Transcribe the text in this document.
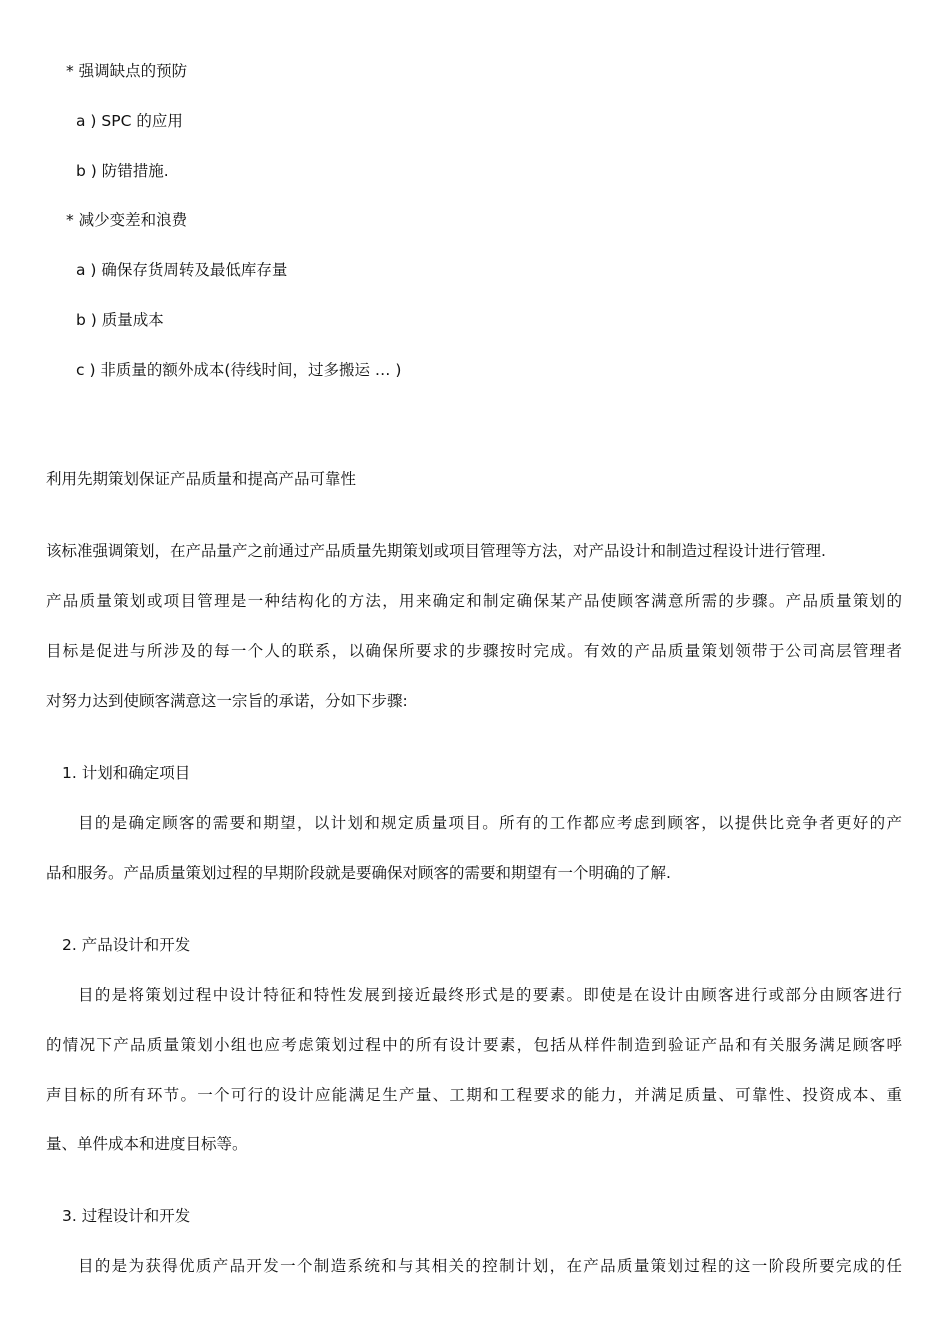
* 强调缺点的预防
a ) SPC 的应用
b ) 防错措施.
* 减少变差和浪费
a ) 确保存货周转及最低库存量
b ) 质量成本
c ) 非质量的额外成本(待线时间，过多搬运 … )
利用先期策划保证产品质量和提高产品可靠性
该标准强调策划，在产品量产之前通过产品质量先期策划或项目管理等方法，对产品设计和制造过程设计进行管理.
产品质量策划或项目管理是一种结构化的方法，用来确定和制定确保某产品使顾客满意所需的步骤。产品质量策划的
目标是促进与所涉及的每一个人的联系，以确保所要求的步骤按时完成。有效的产品质量策划领带于公司高层管理者
对努力达到使顾客满意这一宗旨的承诺，分如下步骤:
1. 计划和确定项目
目的是确定顾客的需要和期望，以计划和规定质量项目。所有的工作都应考虑到顾客，以提供比竞争者更好的产
品和服务。产品质量策划过程的早期阶段就是要确保对顾客的需要和期望有一个明确的了解.
2. 产品设计和开发
目的是将策划过程中设计特征和特性发展到接近最终形式是的要素。即使是在设计由顾客进行或部分由顾客进行
的情况下产品质量策划小组也应考虑策划过程中的所有设计要素，包括从样件制造到验证产品和有关服务满足顾客呼
声目标的所有环节。一个可行的设计应能满足生产量、工期和工程要求的能力，并满足质量、可靠性、投资成本、重
量、单件成本和进度目标等。
3. 过程设计和开发
目的是为获得优质产品开发一个制造系统和与其相关的控制计划，在产品质量策划过程的这一阶段所要完成的任
